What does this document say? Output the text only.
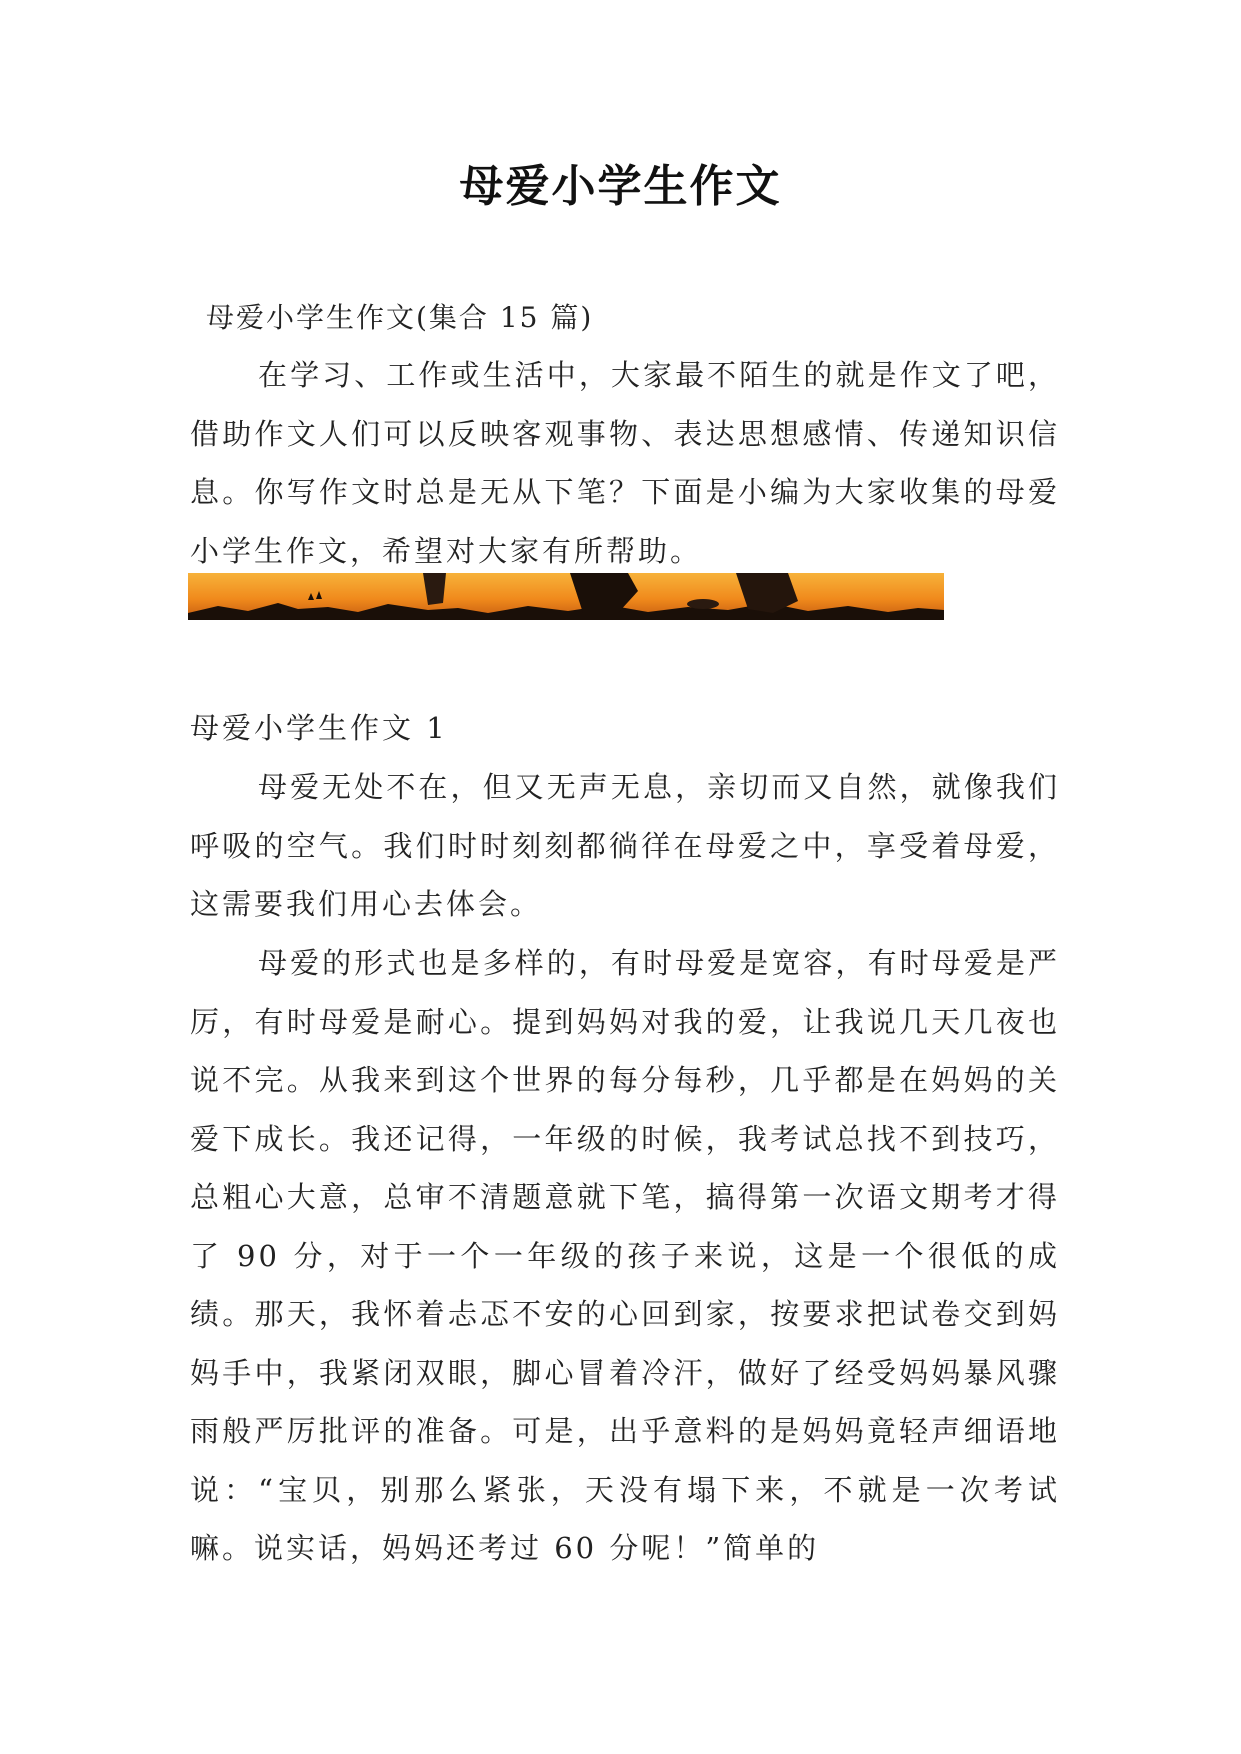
母爱小学生作文

母爱小学生作文(集合 15 篇)

在学习、工作或生活中，大家最不陌生的就是作文了吧，借助作文人们可以反映客观事物、表达思想感情、传递知识信息。你写作文时总是无从下笔？下面是小编为大家收集的母爱小学生作文，希望对大家有所帮助。

母爱小学生作文 1

母爱无处不在，但又无声无息，亲切而又自然，就像我们呼吸的空气。我们时时刻刻都徜徉在母爱之中，享受着母爱，这需要我们用心去体会。

母爱的形式也是多样的，有时母爱是宽容，有时母爱是严厉，有时母爱是耐心。提到妈妈对我的爱，让我说几天几夜也说不完。从我来到这个世界的每分每秒，几乎都是在妈妈的关爱下成长。我还记得，一年级的时候，我考试总找不到技巧，总粗心大意，总审不清题意就下笔，搞得第一次语文期考才得了 90 分，对于一个一年级的孩子来说，这是一个很低的成绩。那天，我怀着忐忑不安的心回到家，按要求把试卷交到妈妈手中，我紧闭双眼，脚心冒着冷汗，做好了经受妈妈暴风骤雨般严厉批评的准备。可是，出乎意料的是妈妈竟轻声细语地说：“宝贝，别那么紧张，天没有塌下来，不就是一次考试嘛。说实话，妈妈还考过 60 分呢！”简单的
